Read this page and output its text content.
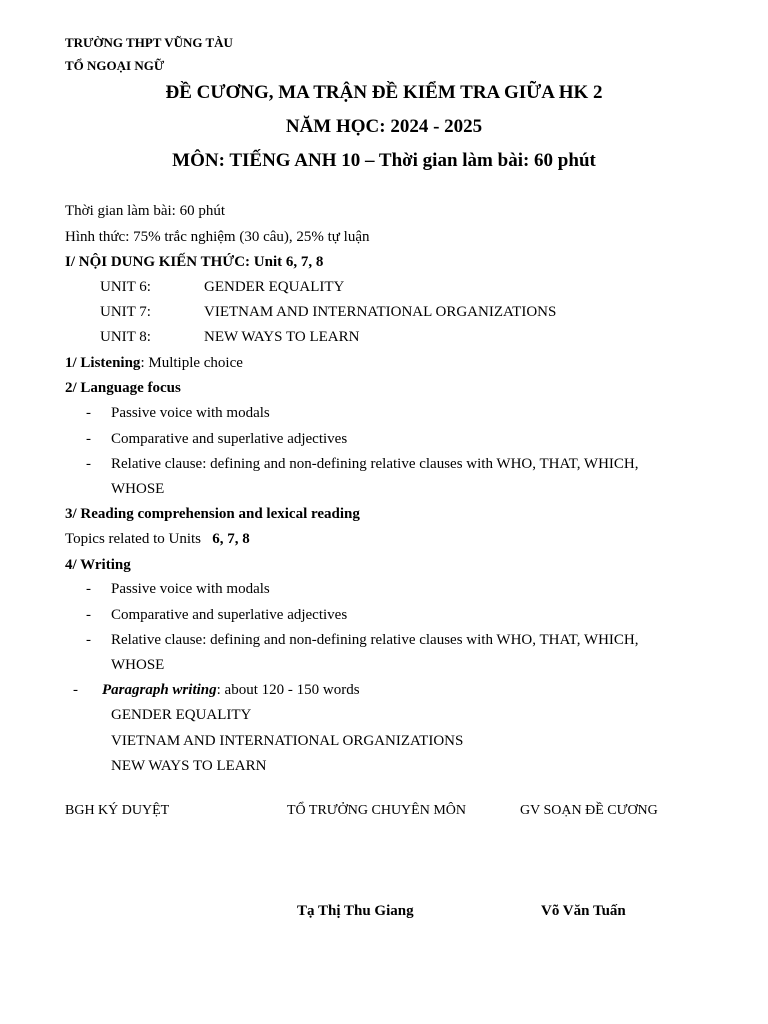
TRƯỜNG THPT VŨNG TÀU
TỔ NGOẠI NGỮ
ĐỀ CƯƠNG, MA TRẬN ĐỀ KIỂM TRA GIỮA HK 2
NĂM HỌC: 2024 - 2025
MÔN: TIẾNG ANH 10 – Thời gian làm bài: 60 phút
Thời gian làm bài: 60 phút
Hình thức: 75% trắc nghiệm (30 câu), 25% tự luận
I/ NỘI DUNG KIẾN THỨC: Unit 6, 7, 8
UNIT 6:	GENDER EQUALITY
UNIT 7:	VIETNAM AND INTERNATIONAL ORGANIZATIONS
UNIT 8:	NEW WAYS TO LEARN
1/ Listening: Multiple choice
2/ Language focus
- Passive voice with modals
- Comparative and superlative adjectives
- Relative clause: defining and non-defining relative clauses with WHO, THAT, WHICH,
WHOSE
3/ Reading comprehension and lexical reading
Topics related to Units 6, 7, 8
4/ Writing
- Passive voice with modals
- Comparative and superlative adjectives
- Relative clause: defining and non-defining relative clauses with WHO, THAT, WHICH,
WHOSE
- Paragraph writing: about 120 - 150 words
GENDER EQUALITY
VIETNAM AND INTERNATIONAL ORGANIZATIONS
NEW WAYS TO LEARN
BGH KÝ DUYỆT	TỔ TRƯỞNG CHUYÊN MÔN	GV SOẠN ĐỀ CƯƠNG
Tạ Thị Thu Giang	Võ Văn Tuấn
